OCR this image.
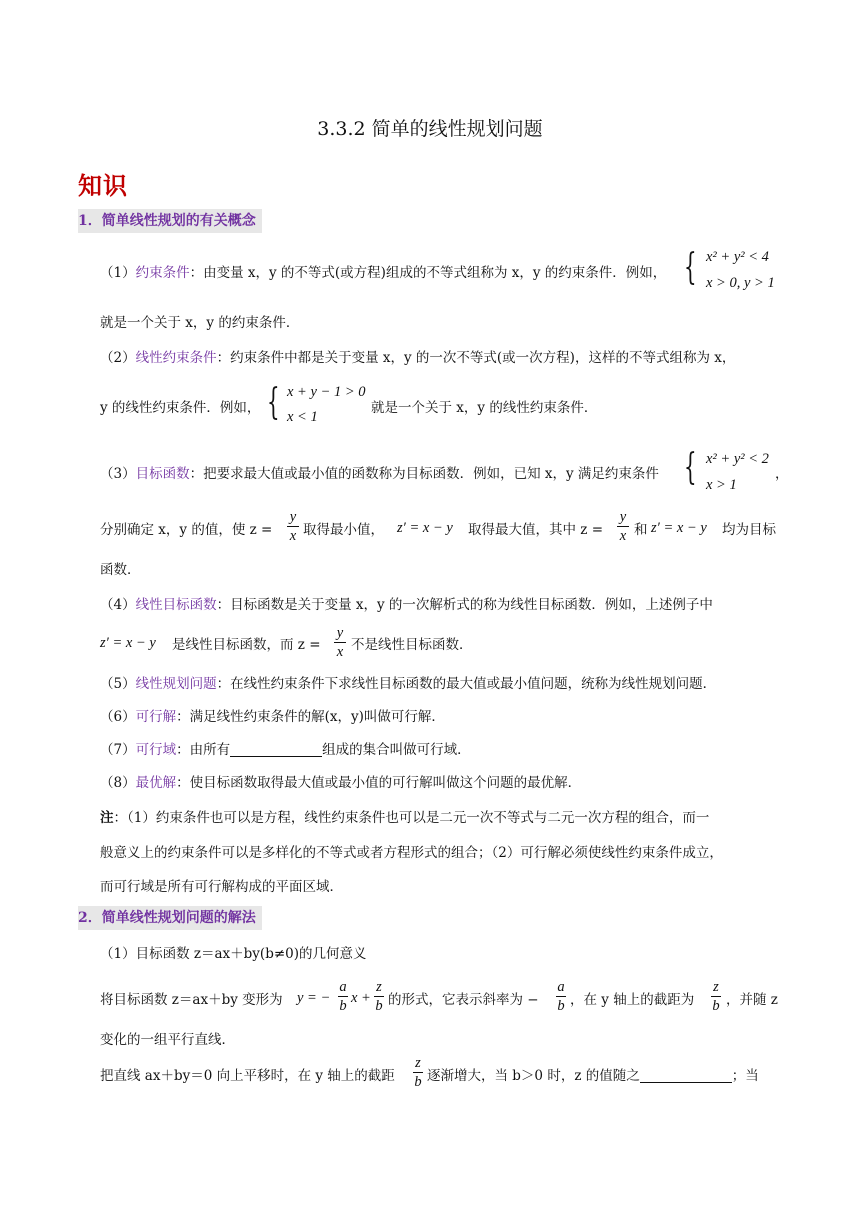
3.3.2 简单的线性规划问题
知识
1．简单线性规划的有关概念
（1）约束条件：由变量 x，y 的不等式(或方程)组成的不等式组称为 x，y 的约束条件．例如， { x² + y² < 4
x > 0, y > 1
就是一个关于 x，y 的约束条件．
（2）线性约束条件：约束条件中都是关于变量 x，y 的一次不等式(或一次方程)，这样的不等式组称为 x，
y 的线性约束条件．例如， { x + y − 1 > 0
x < 1
就是一个关于 x，y 的线性约束条件．
（3）目标函数：把要求最大值或最小值的函数称为目标函数．例如，已知 x，y 满足约束条件 { x² + y² < 2
x > 1
，
分别确定 x，y 的值，使 z =
y
x 取得最小值， z′ = x − y 取得最大值，其中 z =
y
x 和 z′ = x − y 均为目标
函数．
（4）线性目标函数：目标函数是关于变量 x，y 的一次解析式的称为线性目标函数．例如，上述例子中
z′ = x − y 是线性目标函数，而 z =
y
x 不是线性目标函数．
（5）线性规划问题：在线性约束条件下求线性目标函数的最大值或最小值问题，统称为线性规划问题．
（6）可行解：满足线性约束条件的解(x，y)叫做可行解．
（7）可行域：由所有	组成的集合叫做可行域．
（8）最优解：使目标函数取得最大值或最小值的可行解叫做这个问题的最优解．
注：（1）约束条件也可以是方程，线性约束条件也可以是二元一次不等式与二元一次方程的组合，而一
般意义上的约束条件可以是多样化的不等式或者方程形式的组合；（2）可行解必须使线性约束条件成立，
而可行域是所有可行解构成的平面区域．
2．简单线性规划问题的解法
（1）目标函数 z＝ax＋by(b≠0)的几何意义
将目标函数 z＝ax＋by 变形为 y = −
a
b x +
z
b 的形式，它表示斜率为 −
a
b ，在 y 轴上的截距为
z
b ，并随 z
变化的一组平行直线．
把直线 ax＋by＝0 向上平移时，在 y 轴上的截距
z
b 逐渐增大，当 b＞0 时，z 的值随之	；当
